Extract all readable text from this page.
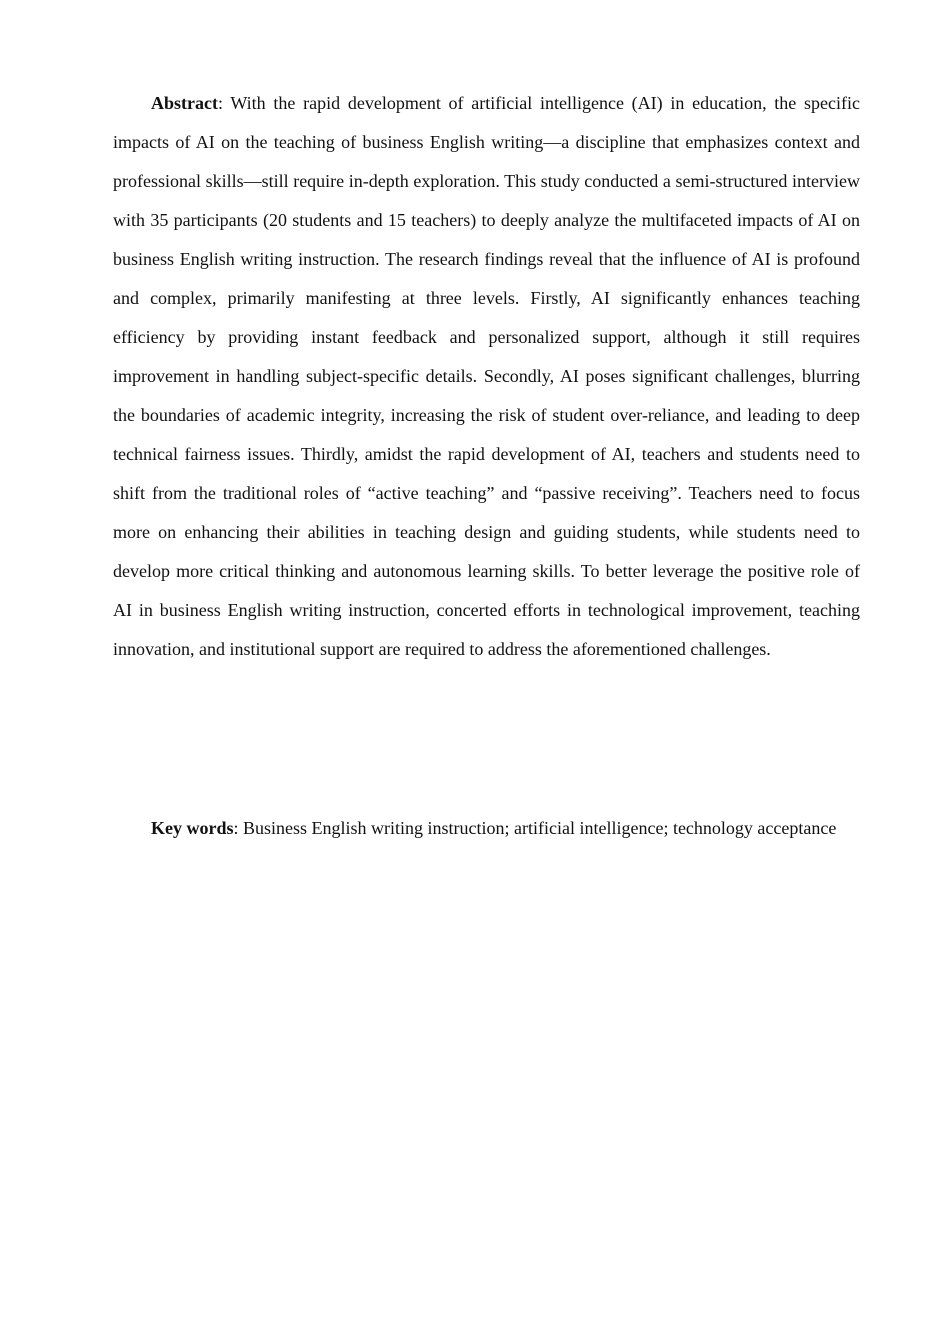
Abstract: With the rapid development of artificial intelligence (AI) in education, the specific impacts of AI on the teaching of business English writing—a discipline that emphasizes context and professional skills—still require in-depth exploration. This study conducted a semi-structured interview with 35 participants (20 students and 15 teachers) to deeply analyze the multifaceted impacts of AI on business English writing instruction. The research findings reveal that the influence of AI is profound and complex, primarily manifesting at three levels. Firstly, AI significantly enhances teaching efficiency by providing instant feedback and personalized support, although it still requires improvement in handling subject-specific details. Secondly, AI poses significant challenges, blurring the boundaries of academic integrity, increasing the risk of student over-reliance, and leading to deep technical fairness issues. Thirdly, amidst the rapid development of AI, teachers and students need to shift from the traditional roles of “active teaching” and “passive receiving”. Teachers need to focus more on enhancing their abilities in teaching design and guiding students, while students need to develop more critical thinking and autonomous learning skills. To better leverage the positive role of AI in business English writing instruction, concerted efforts in technological improvement, teaching innovation, and institutional support are required to address the aforementioned challenges.

Key words: Business English writing instruction; artificial intelligence; technology acceptance
